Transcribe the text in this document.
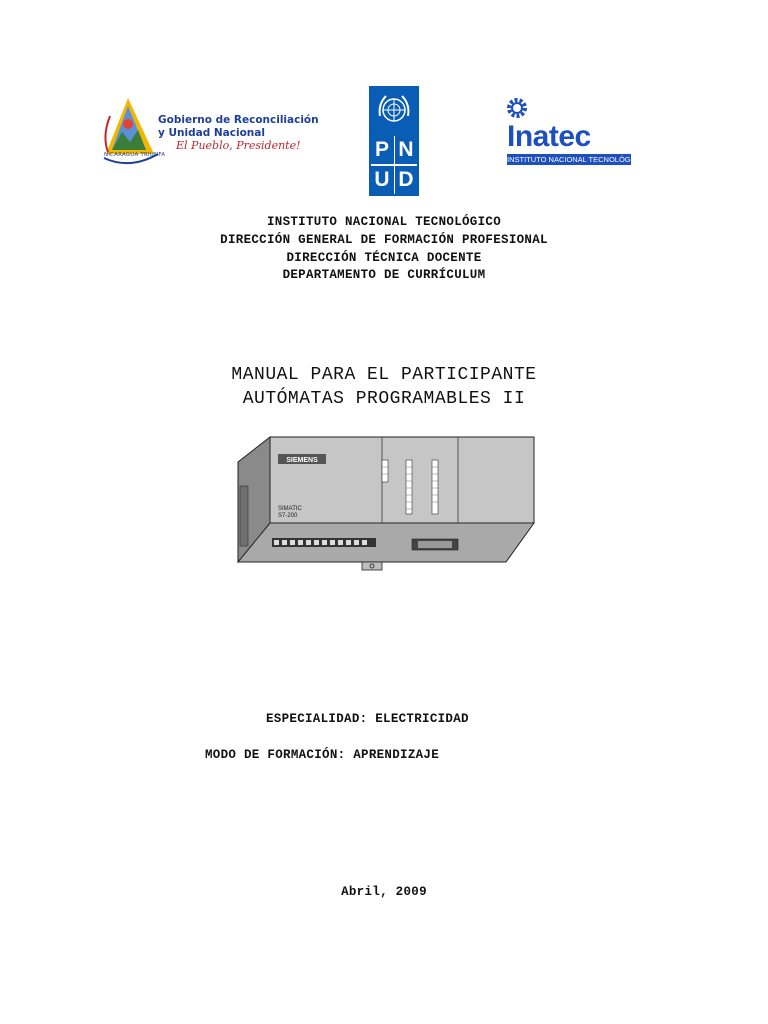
Gobierno de Reconciliación
y Unidad Nacional
El Pueblo, Presidente!
NICARAGUA TRIUNFA	P N
U D
Inatec
INSTITUTO NACIONAL TECNOLÓGICO
INSTITUTO NACIONAL TECNOLÓGICO
DIRECCIÓN GENERAL DE FORMACIÓN PROFESIONAL
DIRECCIÓN TÉCNICA DOCENTE
DEPARTAMENTO DE CURRÍCULUM
MANUAL PARA EL PARTICIPANTE
AUTÓMATAS PROGRAMABLES II
SIEMENS
SIMATIC
S7-200
ESPECIALIDAD: ELECTRICIDAD
MODO DE FORMACIÓN: APRENDIZAJE
Abril, 2009
